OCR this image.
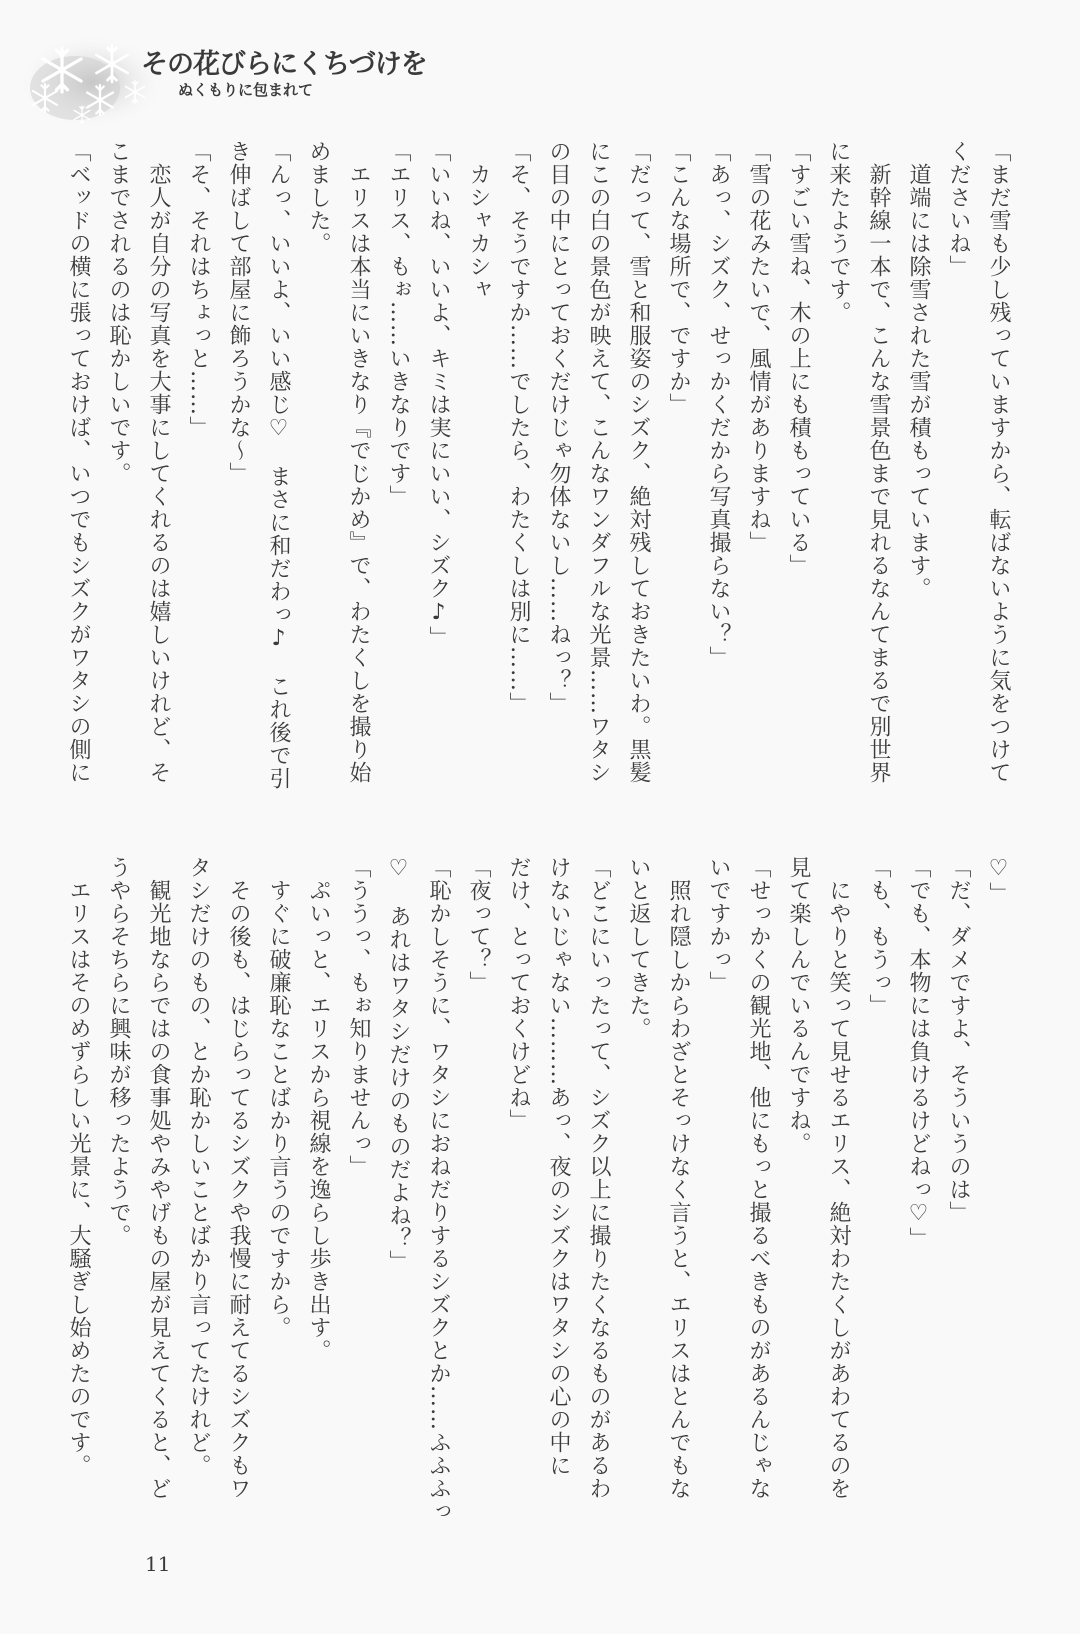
その花びらにくちづけを
ぬくもりに包まれて
「まだ雪も少し残っていますから、転ばないように気をつけて
くださいね」
　道端には除雪された雪が積もっています。
　新幹線一本で、こんな雪景色まで見れるなんてまるで別世界
に来たようです。
「すごい雪ね、木の上にも積もっている」
「雪の花みたいで、風情がありますね」
「あっ、シズク、せっかくだから写真撮らない？」
「こんな場所で、ですか」
「だって、雪と和服姿のシズク、絶対残しておきたいわ。黒髪
にこの白の景色が映えて、こんなワンダフルな光景……ワタシ
の目の中にとっておくだけじゃ勿体ないし……ねっ？」
「そ、そうですか……でしたら、わたくしは別に……」
　カシャカシャ
「いいね、いいよ、キミは実にいい、シズク♪」
「エリス、もぉ……いきなりです」
　エリスは本当にいきなり『でじかめ』で、わたくしを撮り始
めました。
「んっ、いいよ、いい感じ♡　まさに和だわっ♪　これ後で引
き伸ばして部屋に飾ろうかな～」
「そ、それはちょっと……」
　恋人が自分の写真を大事にしてくれるのは嬉しいけれど、そ
こまでされるのは恥かしいです。
「ベッドの横に張っておけば、いつでもシズクがワタシの側に
♡」
「だ、ダメですよ、そういうのは」
「でも、本物には負けるけどねっ♡」
「も、もうっ」
　にやりと笑って見せるエリス、絶対わたくしがあわてるのを
見て楽しんでいるんですね。
「せっかくの観光地、他にもっと撮るべきものがあるんじゃな
いですかっ」
　照れ隠しからわざとそっけなく言うと、エリスはとんでもな
いと返してきた。
「どこにいったって、シズク以上に撮りたくなるものがあるわ
けないじゃない………あっ、夜のシズクはワタシの心の中に
だけ、とっておくけどね」
「夜って？」
「恥かしそうに、ワタシにおねだりするシズクとか……ふふふっ
♡　あれはワタシだけのものだよね？」
「ううっ、もぉ知りませんっ」
　ぷいっと、エリスから視線を逸らし歩き出す。
　すぐに破廉恥なことばかり言うのですから。
　その後も、はじらってるシズクや我慢に耐えてるシズクもワ
タシだけのもの、とか恥かしいことばかり言ってたけれど。
　観光地ならではの食事処やみやげもの屋が見えてくると、ど
うやらそちらに興味が移ったようで。
　エリスはそのめずらしい光景に、大騒ぎし始めたのです。
11
